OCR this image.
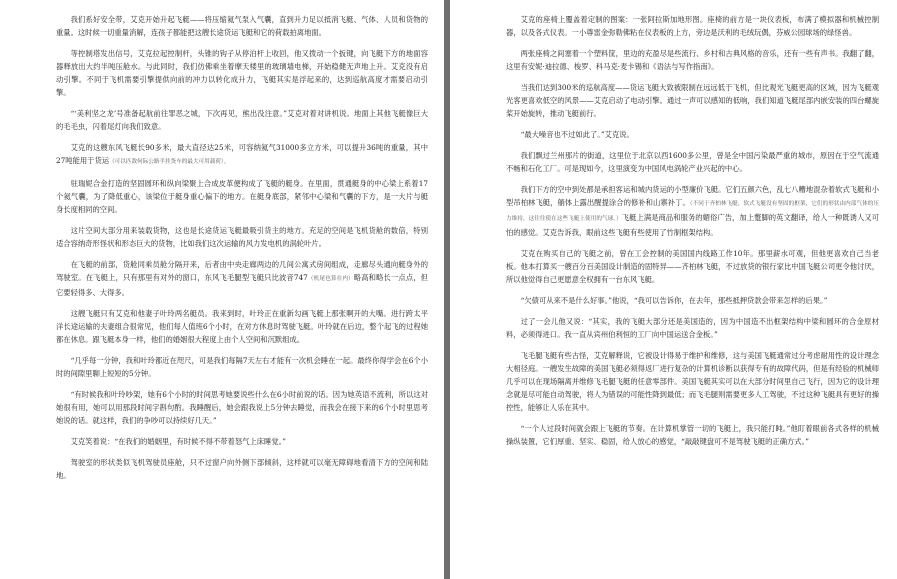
我们系好安全带，艾克开始升起飞艇——将压缩氦气泵入气囊，直到升力足以抵消飞艇、气体、人员和货物的重量。这时候一切重量消解，连孩子都能把这艘长途货运飞艇和它的荷载拍离地面。

等控制塔发出信号，艾克拉起控制杆，头锥的钩子从停泊杆上收回，他又拨动一个扳键，向飞艇下方的地面容器释放出大约半吨压舱水。与此同时，我们仿佛乘坐着摩天楼里的玻璃墙电梯，开始稳健无声地上升。艾克没有启动引擎。不同于飞机需要引擎提供向前的冲力以转化成升力，飞艇其实是浮起来的，达到巡航高度才需要启动引擎。

“‘美利坚之龙’号准备起航前往罪恶之城，下次再见，熊出没注意。”艾克对着对讲机说。地面上其他飞艇像巨大的毛毛虫，闪着尾灯向我们致意。

艾克的这艘东风飞艇长90多米，最大直径达25米，可容纳氦气31000多立方米，可以提升36吨的重量，其中27吨能用于货运（可以匹敌何际公路半挂货车的最大可用载荷）。

驻瑞妮合金打造的坚固圆环和纵向梁聚上合成皮革便构成了飞艇的艇身。在里面，贯通艇身的中心梁上系着17个氦气囊，为了降低重心，该梁位于艇身重心偏下的地方。在艇身底部，紧邻中心梁和气囊的下方，是一大片与艇身长度相同的空间。

这片空间大部分用来装载货物，这也是长途货运飞艇最吸引货主的地方。充足的空间是飞机货舱的数倍，特别适合容纳奇形怪状和形态巨大的货物，比如我们这次运输的风力发电机的涡轮叶片。

在飞艇的前部，货舱同乘员舱分隔开来，后者由中央走廊两边的几间公寓式房间组成，走廊尽头通向艇身外的驾驶室。在飞艇上，只有那里有对外的窗口，东风飞毛腿型飞艇只比波音747（机尾也算在内）略高和略长一点点，但它要轻得多、大得多。

这艘飞艇只有艾克和他妻子叶玲两名艇员。我来到时，叶玲正在重新勾画飞艇上那张啊开的大嘴。进行跨太平洋长途运输的夫妻组合很常见，他们每人值班6个小时，在对方休息时驾驶飞艇。叶玲就在后边，整个起飞的过程她都在休息。跟飞艇本身一样，他们的婚姻很大程度上由个人空间和沉默组成。

“几乎每一分钟，我和叶玲都近在咫尺，可是我们每隔7天左右才能有一次机会睡在一起。最终你得学会在6个小时的间隙里聊上短短的5分钟。

“有时候我和叶玲吵架，她有6个小时的时间思考她要说些什么在6小时前说的话。因为她英语不流利，所以这对她很有用，她可以用那段时间字斟句酌。我睡醒后，她会跟我说上5分钟去睡觉，而我会在接下来的6个小时里思考她说的话。就这样，我们的争吵可以持续好几天。”

艾克笑着说：“在我们的婚姻里，有时候不得不带着怒气上床睡觉。”

驾驶室的形状类似飞机驾驶员座舱，只不过窗户向外侧下部倾斜，这样就可以毫无障碍地看清下方的空间和陆地。

艾克的座椅上覆盖着定制的图案：一张阿拉斯加地形图。座椅的前方是一块仪表板，布满了模拟器和机械控制器，以及各式仪表。一小尊雷金弥勒佛粘在仪表板的上方，旁边是沃利的毛绒玩偶，芬威公园球场的绿怪兽。

两张座椅之间塞着一个塑料筐，里边的充盈尽是些流行、乡村和古典风格的音乐，还有一些有声书。我翻了翻，这里有安妮·迪拉德、梭罗、科马克·麦卡锡和《语法与写作指南》。

当我们达到300米的巡航高度——货运飞艇大致被限制在远远低于飞机，但比观光飞艇更高的区域，因为飞艇观光客更喜欢低空的风景——艾克启动了电动引擎。通过一声可以感知的低响，我们知道飞艇尾部内嵌安装的四台螺旋桨开始旋转，推动飞艇前行。

“最大噪音也不过如此了。”艾克说。

我们飘过兰州那片的街道，这里位于北京以西1600多公里，曾是全中国污染最严重的城市，原因在于空气流通不畅和石化工厂。可是现如今，这里演变为中国风电涡轮产业兴起的中心。

我们下方的空中到处都是承担客运和城内货运的小型廉价飞艇。它们五颜六色，乱七八糟地混杂着软式飞艇和小型吊柏林飞艇，艄体上露出醒提涂合的修补和山寨补丁。（不同于齐柏林飞艇，软式飞艇没有坚固的框架，它们的形状由内部气体的压力维持，这往往使在这些飞艇上使用的气球。）飞艇上满是商品和服务的媚俗广告，加上蹩脚的英文翻译，给人一种既诱人又可怕的感觉。艾克告诉我，眼前这些飞艇有些使用了竹制框架结构。

艾克在购买自己的飞艇之前，曾在工会控制的美国国内线路工作10年。那里薪水可观，但他更喜欢自己当老板。他本打算买一艘百分百美国设计制造的固特异——齐柏林飞艇，不过放贷的银行家比中国飞艇公司更令他讨厌，所以他觉得自己更愿意全权拥有一台东风飞艇。

“欠债可从来不是什么好事。”他说，“我可以告诉你，在去年，那些抵押贷款会带来怎样的后果。”

过了一会儿他又说：“其实，我的飞艇大部分还是美国造的，因为中国造不出框架结构中梁和圆环的合金原材料，必须得进口。我一直从宾州伯利恒的工厂向中国运送合金板。”

飞毛腿飞艇有些古怪，艾克解释说，它被设计得易于维护和维修，这与美国飞艇通常过分考虑耐用性的设计理念大相径庭。一艘发生故障的美国飞艇必须得返厂进行复杂的计算机诊断以获得专有的故障代码，但是有经验的机械师几乎可以在现场隔离并维修飞毛腿飞艇的任意零部件。美国飞艇其实可以在大部分时间里自己飞行，因为它的设计理念就是尽可能自动驾驶，将人为错误的可能性降到最低；而飞毛腿则需要更多人工驾驶，不过这种飞艇具有更好的操控性，能够让人乐在其中。

“一个人过段时间就会跟上飞艇的节奏。在计算机掌管一切的飞艇上，我只能打盹。”他盯着眼前各式各样的机械操纵装置，它们厚重、坚实、稳固，给人放心的感觉，“敲敲键盘可不是驾驶飞艇的正确方式。”
